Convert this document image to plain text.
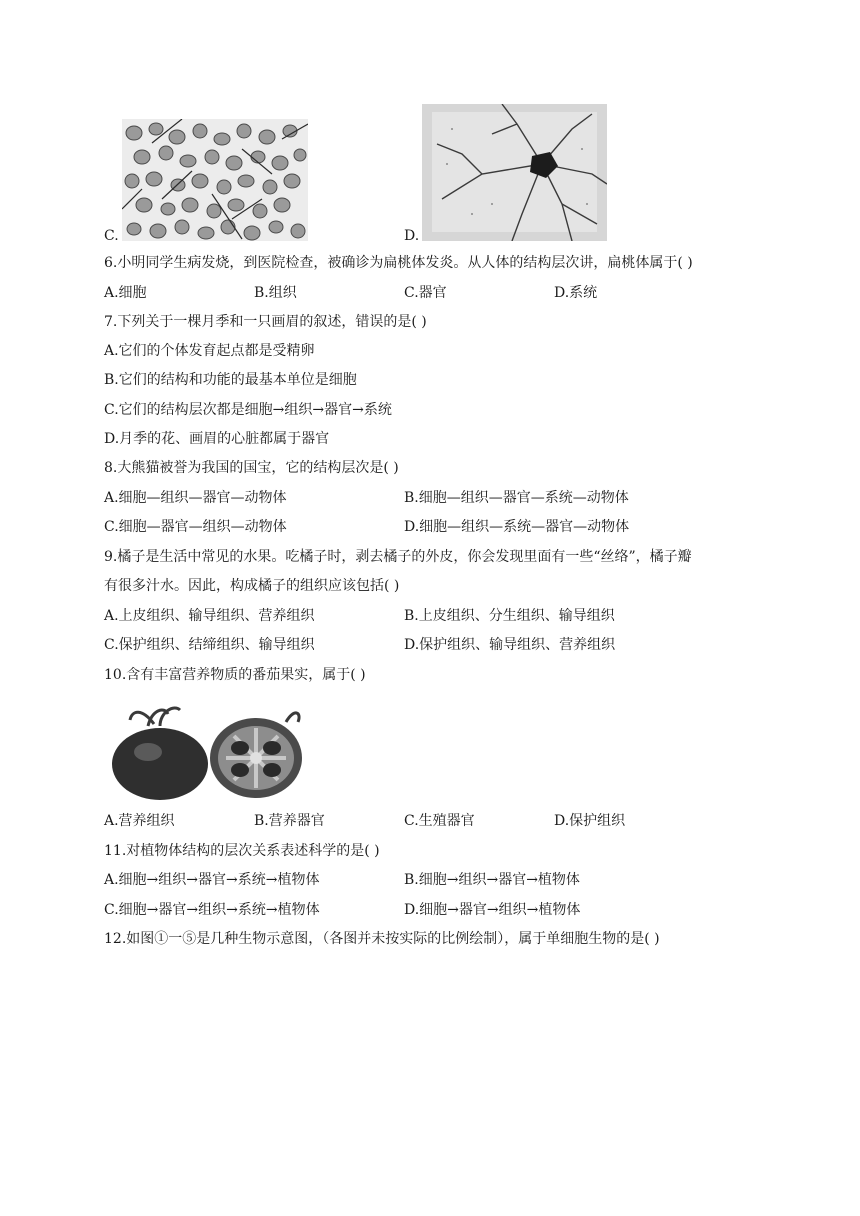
C.	D.
6.小明同学生病发烧，到医院检查，被确诊为扁桃体发炎。从人体的结构层次讲，扁桃体属于( )
A.细胞	B.组织	C.器官	D.系统
7.下列关于一棵月季和一只画眉的叙述，错误的是( )
A.它们的个体发育起点都是受精卵
B.它们的结构和功能的最基本单位是细胞
C.它们的结构层次都是细胞→组织→器官→系统
D.月季的花、画眉的心脏都属于器官
8.大熊猫被誉为我国的国宝，它的结构层次是( )
A.细胞—组织—器官—动物体	B.细胞—组织—器官—系统—动物体
C.细胞—器官—组织—动物体	D.细胞—组织—系统—器官—动物体
9.橘子是生活中常见的水果。吃橘子时，剥去橘子的外皮，你会发现里面有一些“丝络”，橘子瓣
有很多汁水。因此，构成橘子的组织应该包括( )
A.上皮组织、输导组织、营养组织	B.上皮组织、分生组织、输导组织
C.保护组织、结缔组织、输导组织	D.保护组织、输导组织、营养组织
10.含有丰富营养物质的番茄果实，属于( )
A.营养组织	B.营养器官	C.生殖器官	D.保护组织
11.对植物体结构的层次关系表述科学的是( )
A.细胞→组织→器官→系统→植物体	B.细胞→组织→器官→植物体
C.细胞→器官→组织→系统→植物体	D.细胞→器官→组织→植物体
12.如图①一⑤是几种生物示意图，（各图并未按实际的比例绘制），属于单细胞生物的是( )
